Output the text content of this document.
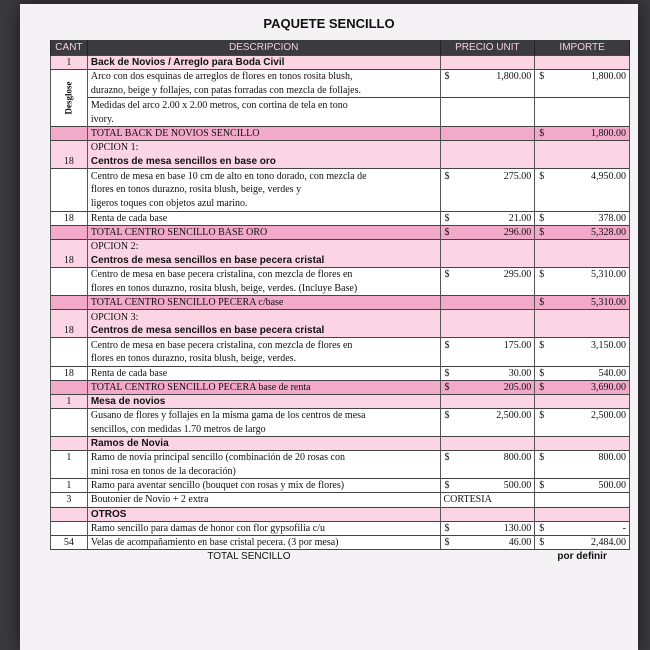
PAQUETE SENCILLO
CANT	DESCRIPCION	PRECIO UNIT	IMPORTE
1	Back de Novios / Arreglo para Boda Civil		

Desglose	Arco con dos esquinas de arreglos de flores en tonos rosita blush,	$ 1,800.00	$ 1,800.00

	durazno, beige y follajes, con patas forradas con mezcla de follajes.		
	Medidas del arco 2.00 x 2.00 metros, con cortina de tela en tono		
	ivory.		
	TOTAL BACK DE NOVIOS SENCILLO		$ 1,800.00

	OPCION 1:		
18	Centros de mesa sencillos en base oro		
	Centro de mesa en base 10 cm de alto en tono dorado, con mezcla de	$ 275.00	$ 4,950.00

	flores en tonos durazno, rosita blush, beige, verdes y		
	ligeros toques con objetos azul marino.		
18	Renta de cada base	$ 21.00	$ 378.00

	TOTAL CENTRO SENCILLO BASE ORO	$ 296.00	$ 5,328.00

	OPCION 2:		
18	Centros de mesa sencillos en base pecera cristal		
	Centro de mesa en base pecera cristalina, con mezcla de flores en	$ 295.00	$ 5,310.00

	flores en tonos durazno, rosita blush, beige, verdes. (Incluye Base)		
	TOTAL CENTRO SENCILLO PECERA c/base		$ 5,310.00

	OPCION 3:		
18	Centros de mesa sencillos en base pecera cristal		
	Centro de mesa en base pecera cristalina, con mezcla de flores en	$ 175.00	$ 3,150.00

	flores en tonos durazno, rosita blush, beige, verdes.		
18	Renta de cada base	$ 30.00	$ 540.00

	TOTAL CENTRO SENCILLO PECERA base de renta	$ 205.00	$ 3,690.00

1	Mesa de novios		
	Gusano de flores y follajes en la misma gama de los centros de mesa	$ 2,500.00	$ 2,500.00

	sencillos, con medidas 1.70 metros de largo		
	Ramos de Novia		
1	Ramo de novia principal sencillo (combinación de 20 rosas con	$ 800.00	$ 800.00

	mini rosa en tonos de la decoración)		
1	Ramo para aventar sencillo (bouquet con rosas y mix de flores)	$ 500.00	$ 500.00

3	Boutonier de Novio + 2 extra	CORTESIA	
	OTROS		
	Ramo sencillo para damas de honor con flor gypsofilia c/u	$ 130.00	$ -

54	Velas de acompañamiento en base cristal pecera. (3 por mesa)	$ 46.00	$ 2,484.00

	TOTAL SENCILLO		por definir
